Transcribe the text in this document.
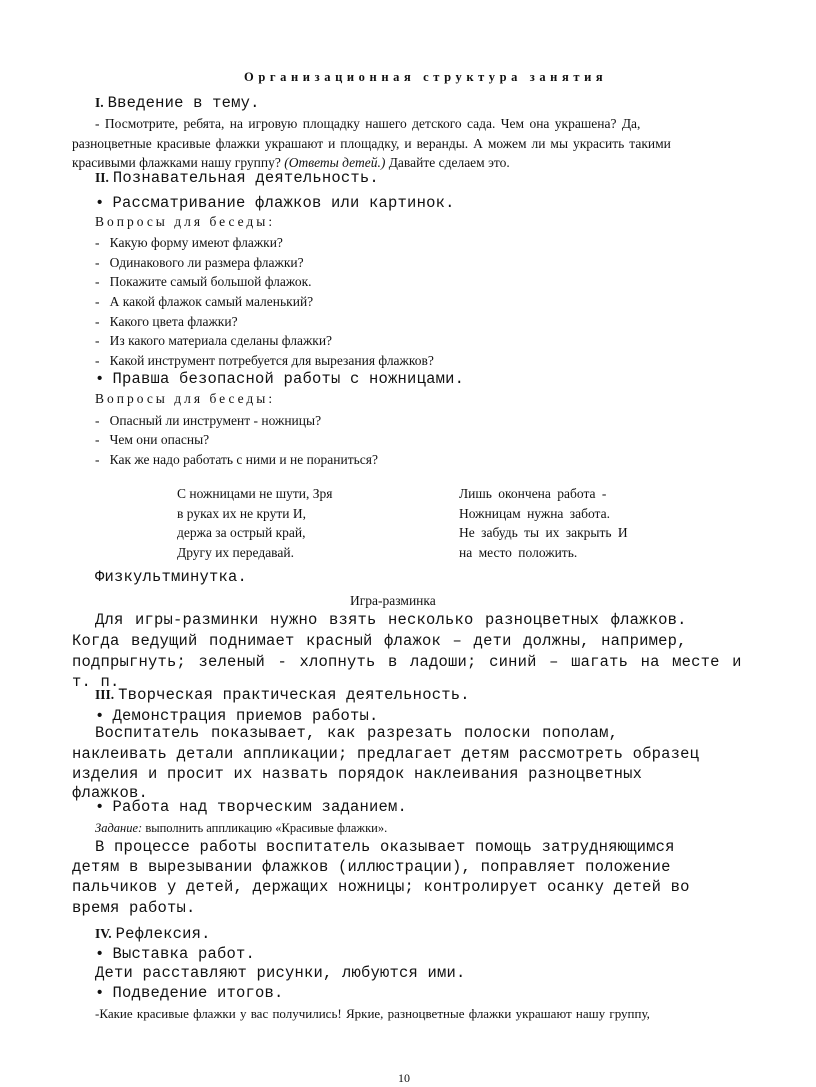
Организационная структура занятия
I. Введение в тему.
- Посмотрите, ребята, на игровую площадку нашего детского сада. Чем она украшена? Да,
разноцветные красивые флажки украшают и площадку, и веранды. А можем ли мы украсить такими
красивыми флажками нашу группу? (Ответы детей.) Давайте сделаем это.
II. Познавательная деятельность.
• Рассматривание флажков или картинок.
Вопросы для беседы:
-   Какую форму имеют флажки?
-   Одинакового ли размера флажки?
-   Покажите самый большой флажок.
-   А какой флажок самый маленький?
-   Какого цвета флажки?
-   Из какого материала сделаны флажки?
-   Какой инструмент потребуется для вырезания флажков?
• Правша безопасной работы с ножницами.
Вопросы для беседы:
-   Опасный ли инструмент - ножницы?
-   Чем они опасны?
-   Как же надо работать с ними и не пораниться?
С ножницами не шути, Зря
в руках их не крути И,
держа за острый край,
Другу их передавай.
Лишь окончена работа -
Ножницам нужна забота.
Не забудь ты их закрыть И
на место положить.
Физкультминутка.
Игра-разминка
Для игры-разминки нужно взять несколько разноцветных флажков.
Когда ведущий поднимает красный флажок – дети должны, например,
подпрыгнуть; зеленый - хлопнуть в ладоши; синий – шагать на месте и
т. п.
III. Творческая практическая деятельность.
• Демонстрация приемов работы.
Воспитатель показывает, как разрезать полоски пополам,
наклеивать детали аппликации; предлагает детям рассмотреть образец
изделия и просит их назвать порядок наклеивания разноцветных
флажков.
• Работа над творческим заданием.
Задание: выполнить аппликацию «Красивые флажки».
В процессе работы воспитатель оказывает помощь затрудняющимся
детям в вырезывании флажков (иллюстрации), поправляет положение
пальчиков у детей, держащих ножницы; контролирует осанку детей во
время работы.
IV. Рефлексия.
• Выставка работ.
Дети расставляют рисунки, любуются ими.
• Подведение итогов.
-Какие красивые флажки у вас получились! Яркие, разноцветные флажки украшают нашу группу,
10
